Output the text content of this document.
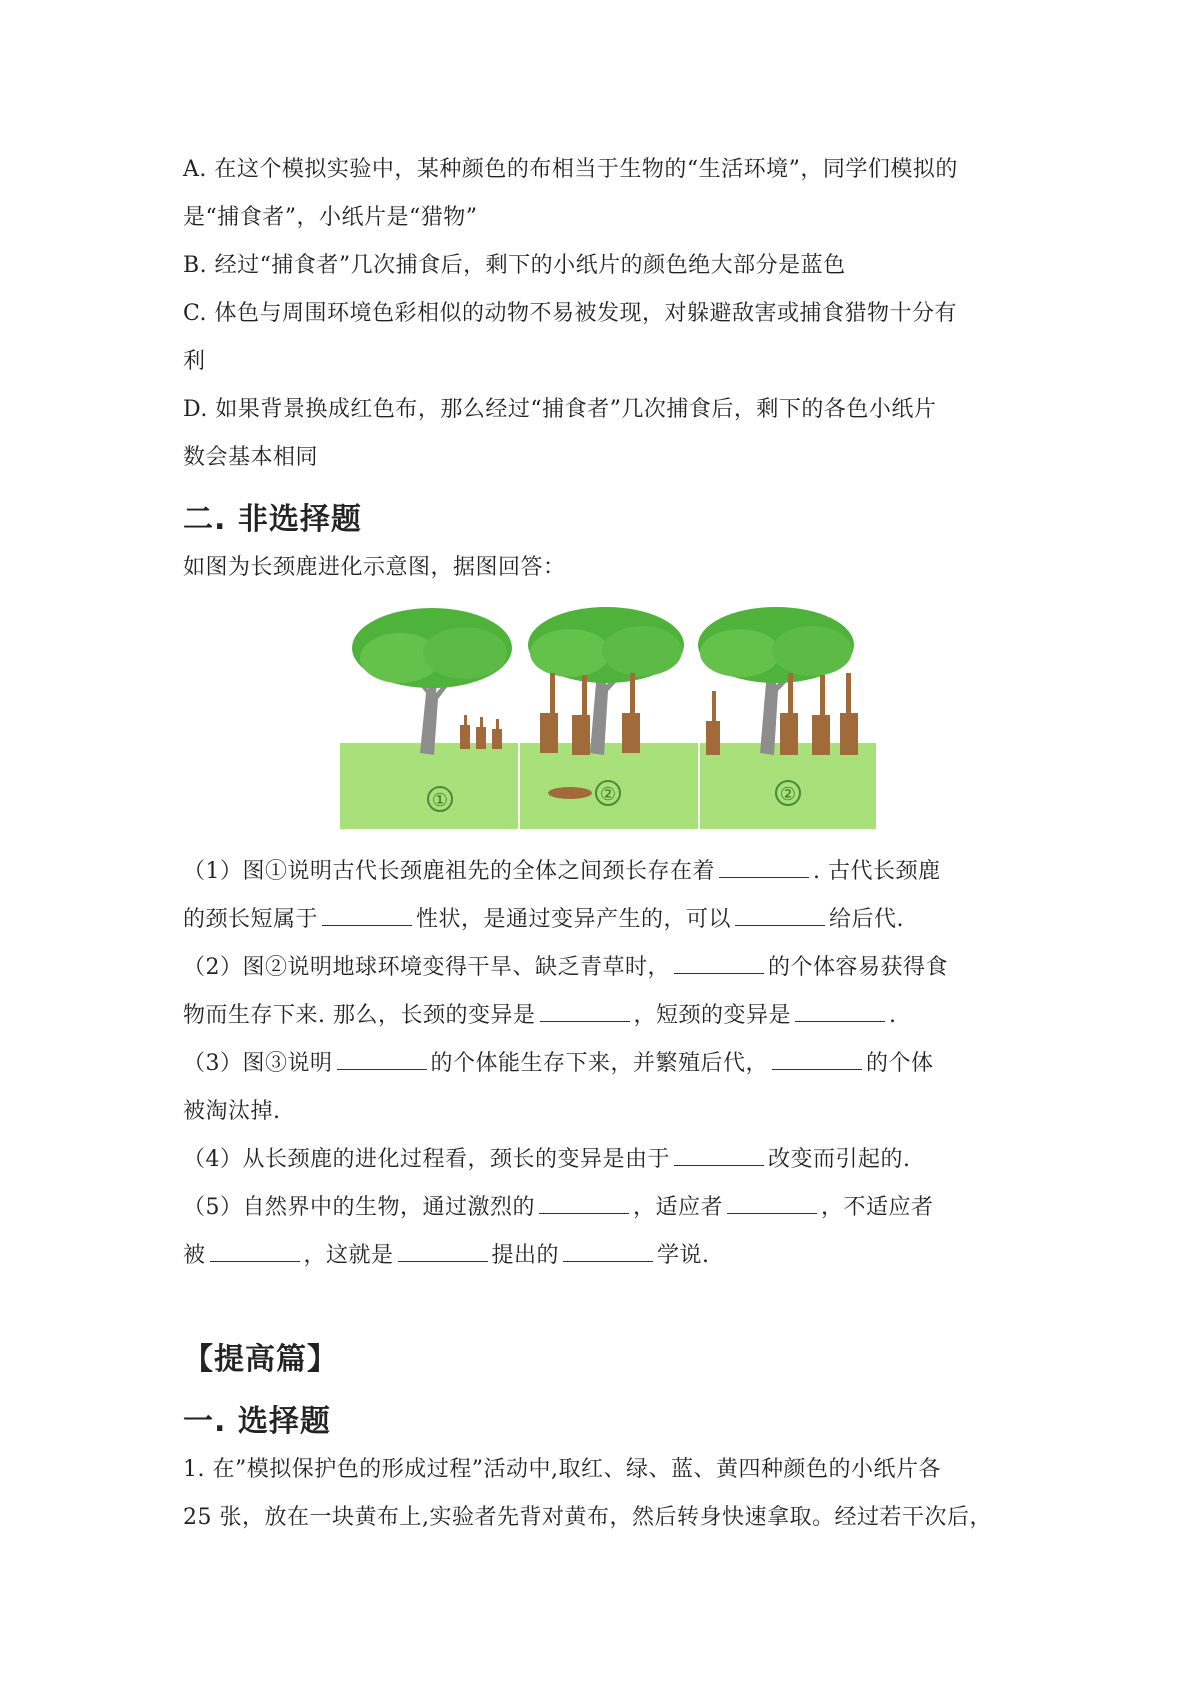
A. 在这个模拟实验中，某种颜色的布相当于生物的“生活环境”，同学们模拟的

是“捕食者”，小纸片是“猎物”

B. 经过“捕食者”几次捕食后，剩下的小纸片的颜色绝大部分是蓝色

C. 体色与周围环境色彩相似的动物不易被发现，对躲避敌害或捕食猎物十分有

利

D. 如果背景换成红色布，那么经过“捕食者”几次捕食后，剩下的各色小纸片

数会基本相同

二. 非选择题

如图为长颈鹿进化示意图，据图回答：

①	②	②

（1）图①说明古代长颈鹿祖先的全体之间颈长存在着	. 古代长颈鹿

的颈长短属于	性状，是通过变异产生的，可以	给后代.

（2）图②说明地球环境变得干旱、缺乏青草时，	的个体容易获得食

物而生存下来. 那么，长颈的变异是	，短颈的变异是	.

（3）图③说明	的个体能生存下来，并繁殖后代，	的个体

被淘汰掉.

（4）从长颈鹿的进化过程看，颈长的变异是由于	改变而引起的.

（5）自然界中的生物，通过激烈的	，适应者	，不适应者

被	，这就是	提出的	学说.

【提高篇】

一. 选择题

1. 在”模拟保护色的形成过程”活动中,取红、绿、蓝、黄四种颜色的小纸片各

25 张，放在一块黄布上,实验者先背对黄布，然后转身快速拿取。经过若干次后，
